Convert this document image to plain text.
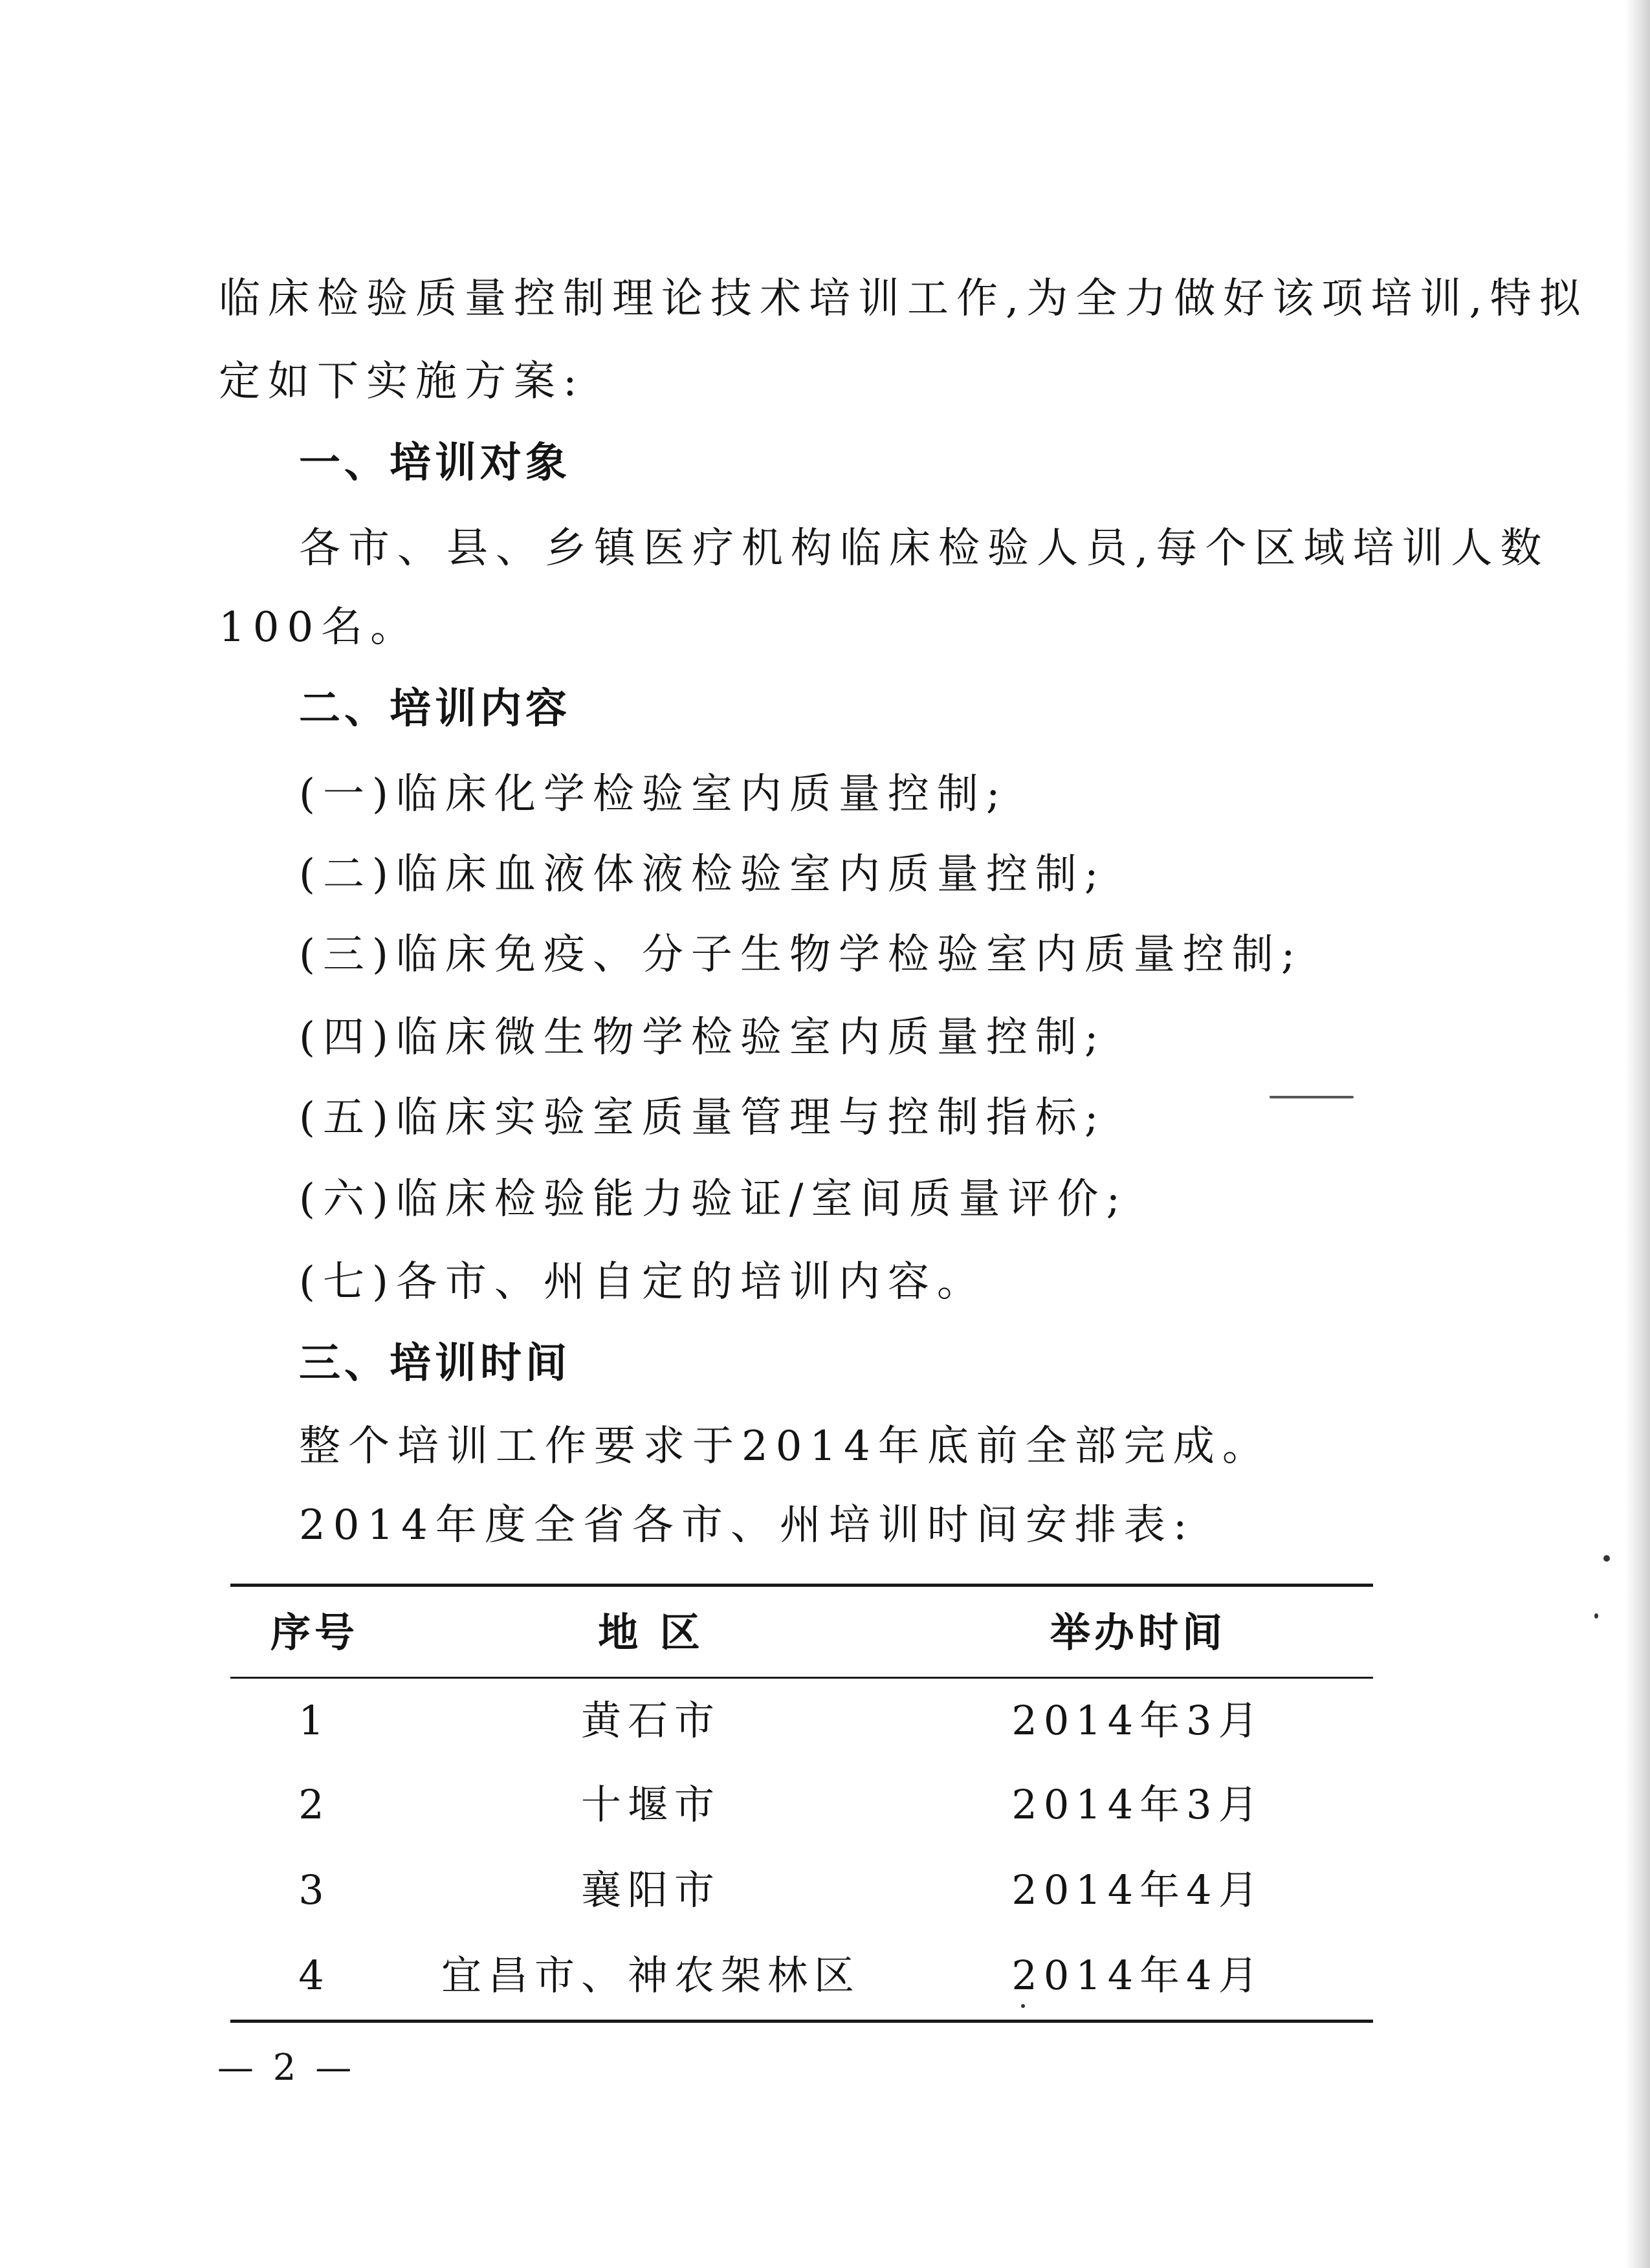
临床检验质量控制理论技术培训工作,为全力做好该项培训,特拟
定如下实施方案:
一、培训对象
各市、县、乡镇医疗机构临床检验人员,每个区域培训人数
100名。
二、培训内容
(一)临床化学检验室内质量控制;
(二)临床血液体液检验室内质量控制;
(三)临床免疫、分子生物学检验室内质量控制;
(四)临床微生物学检验室内质量控制;
(五)临床实验室质量管理与控制指标;
(六)临床检验能力验证/室间质量评价;
(七)各市、州自定的培训内容。
三、培训时间
整个培训工作要求于2014年底前全部完成。
2014年度全省各市、州培训时间安排表:
序号	地 区	举办时间
1	黄石市	2014年3月
2	十堰市	2014年3月
3	襄阳市	2014年4月
4	宜昌市、神农架林区	2014年4月
— 2 —
